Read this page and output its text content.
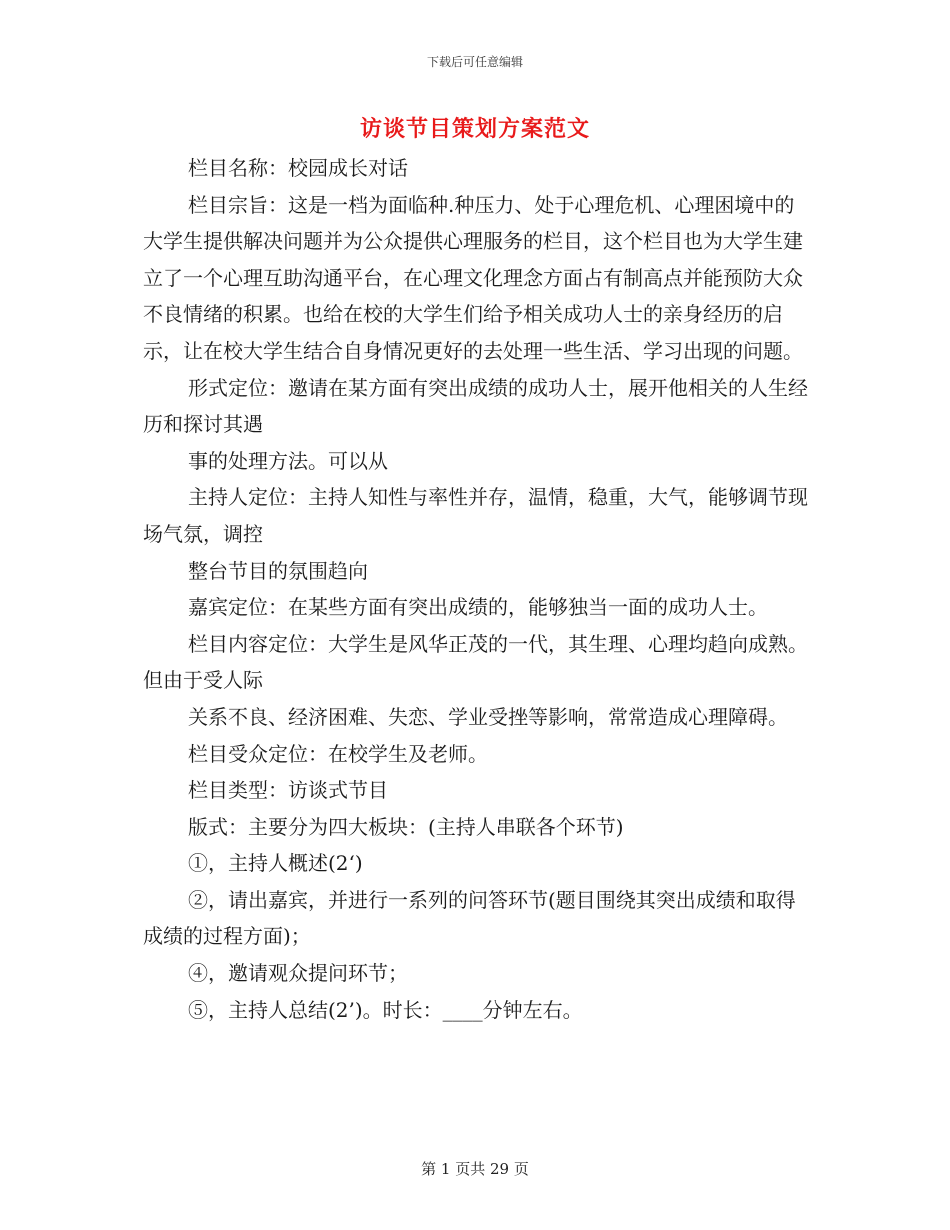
下载后可任意编辑
访谈节目策划方案范文

栏目名称：校园成长对话

栏目宗旨：这是一档为面临种.种压力、处于心理危机、心理困境中的大学生提供解决问题并为公众提供心理服务的栏目，这个栏目也为大学生建立了一个心理互助沟通平台，在心理文化理念方面占有制高点并能预防大众不良情绪的积累。也给在校的大学生们给予相关成功人士的亲身经历的启示，让在校大学生结合自身情况更好的去处理一些生活、学习出现的问题。

形式定位：邀请在某方面有突出成绩的成功人士，展开他相关的人生经历和探讨其遇

事的处理方法。可以从

主持人定位：主持人知性与率性并存，温情，稳重，大气，能够调节现场气氛，调控

整台节目的氛围趋向

嘉宾定位：在某些方面有突出成绩的，能够独当一面的成功人士。

栏目内容定位：大学生是风华正茂的一代，其生理、心理均趋向成熟。但由于受人际

关系不良、经济困难、失恋、学业受挫等影响，常常造成心理障碍。

栏目受众定位：在校学生及老师。

栏目类型：访谈式节目

版式：主要分为四大板块：(主持人串联各个环节)

①，主持人概述(2‘)

②，请出嘉宾，并进行一系列的问答环节(题目围绕其突出成绩和取得成绩的过程方面)；

④，邀请观众提问环节；

⑤，主持人总结(2’)。时长：____分钟左右。

第 1 页共 29 页
